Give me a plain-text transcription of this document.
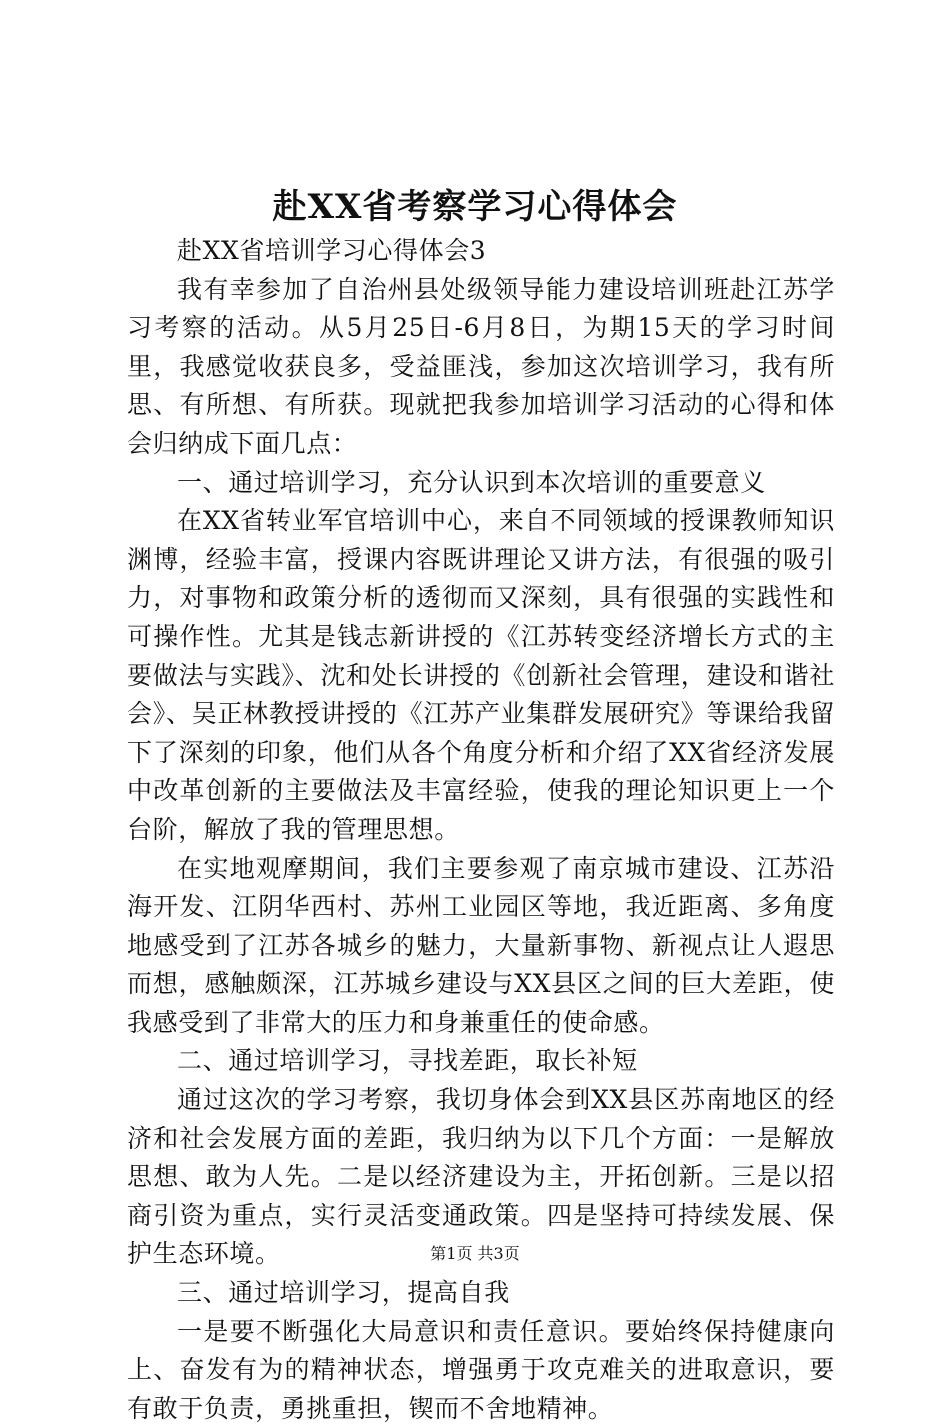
赴XX省考察学习心得体会

赴XX省培训学习心得体会3

我有幸参加了自治州县处级领导能力建设培训班赴江苏学习考察的活动。从5月25日-6月8日，为期15天的学习时间里，我感觉收获良多，受益匪浅，参加这次培训学习，我有所思、有所想、有所获。现就把我参加培训学习活动的心得和体会归纳成下面几点：

一、通过培训学习，充分认识到本次培训的重要意义

在XX省转业军官培训中心，来自不同领域的授课教师知识渊博，经验丰富，授课内容既讲理论又讲方法，有很强的吸引力，对事物和政策分析的透彻而又深刻，具有很强的实践性和可操作性。尤其是钱志新讲授的《江苏转变经济增长方式的主要做法与实践》、沈和处长讲授的《创新社会管理，建设和谐社会》、吴正林教授讲授的《江苏产业集群发展研究》等课给我留下了深刻的印象，他们从各个角度分析和介绍了XX省经济发展中改革创新的主要做法及丰富经验，使我的理论知识更上一个台阶，解放了我的管理思想。

在实地观摩期间，我们主要参观了南京城市建设、江苏沿海开发、江阴华西村、苏州工业园区等地，我近距离、多角度地感受到了江苏各城乡的魅力，大量新事物、新视点让人遐思而想，感触颇深，江苏城乡建设与XX县区之间的巨大差距，使我感受到了非常大的压力和身兼重任的使命感。

二、通过培训学习，寻找差距，取长补短

通过这次的学习考察，我切身体会到XX县区苏南地区的经济和社会发展方面的差距，我归纳为以下几个方面：一是解放思想、敢为人先。二是以经济建设为主，开拓创新。三是以招商引资为重点，实行灵活变通政策。四是坚持可持续发展、保护生态环境。

三、通过培训学习，提高自我

一是要不断强化大局意识和责任意识。要始终保持健康向上、奋发有为的精神状态，增强勇于攻克难关的进取意识，要有敢于负责，勇挑重担，锲而不舍地精神。

第1页 共3页
